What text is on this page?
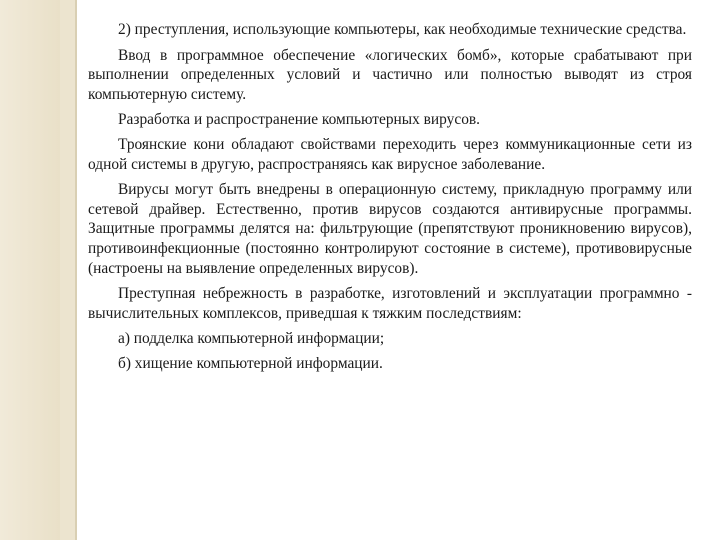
2) преступления, использующие компьютеры, как необходимые технические средства.

Ввод в программное обеспечение «логических бомб», которые срабатывают при выполнении определенных условий и частично или полностью выводят из строя компьютерную систему.

Разработка и распространение компьютерных вирусов.

Троянские кони обладают свойствами переходить через коммуникационные сети из одной системы в другую, распространяясь как вирусное заболевание.

Вирусы могут быть внедрены в операционную систему, прикладную программу или сетевой драйвер. Естественно, против вирусов создаются антивирусные программы. Защитные программы делятся на: фильтрующие (препятствуют проникновению вирусов), противоинфекционные (постоянно контролируют состояние в системе), противовирусные (настроены на выявление определенных вирусов).

Преступная небрежность в разработке, изготовлений и эксплуатации программно - вычислительных комплексов, приведшая к тяжким последствиям:

а) подделка компьютерной информации;

б) хищение компьютерной информации.
